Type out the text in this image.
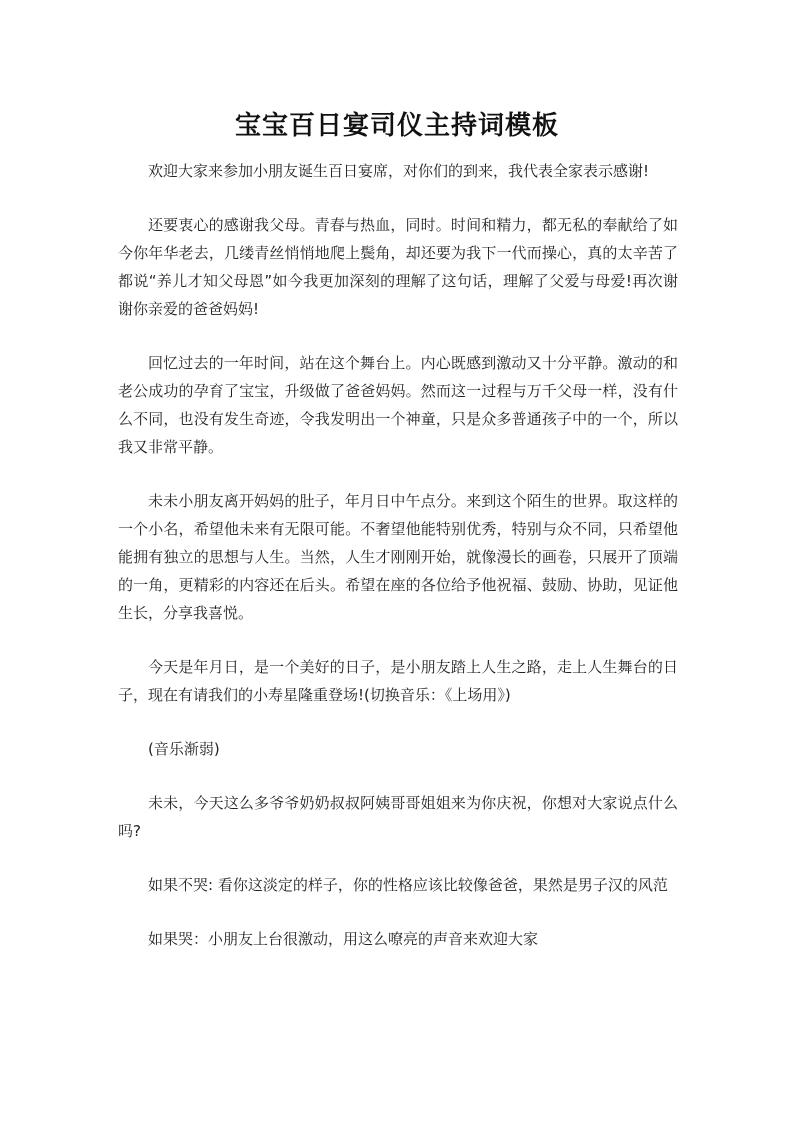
宝宝百日宴司仪主持词模板

欢迎大家来参加小朋友诞生百日宴席，对你们的到来，我代表全家表示感谢!

还要衷心的感谢我父母。青春与热血，同时。时间和精力，都无私的奉献给了如今你年华老去，几缕青丝悄悄地爬上鬓角，却还要为我下一代而操心，真的太辛苦了都说“养儿才知父母恩”如今我更加深刻的理解了这句话，理解了父爱与母爱!再次谢谢你亲爱的爸爸妈妈!

回忆过去的一年时间，站在这个舞台上。内心既感到激动又十分平静。激动的和老公成功的孕育了宝宝，升级做了爸爸妈妈。然而这一过程与万千父母一样，没有什么不同，也没有发生奇迹，令我发明出一个神童，只是众多普通孩子中的一个，所以我又非常平静。

未未小朋友离开妈妈的肚子，年月日中午点分。来到这个陌生的世界。取这样的一个小名，希望他未来有无限可能。不奢望他能特别优秀，特别与众不同，只希望他能拥有独立的思想与人生。当然，人生才刚刚开始，就像漫长的画卷，只展开了顶端的一角，更精彩的内容还在后头。希望在座的各位给予他祝福、鼓励、协助，见证他生长，分享我喜悦。

今天是年月日，是一个美好的日子，是小朋友踏上人生之路，走上人生舞台的日子，现在有请我们的小寿星隆重登场!(切换音乐：《上场用》)

(音乐渐弱)

未未，今天这么多爷爷奶奶叔叔阿姨哥哥姐姐来为你庆祝，你想对大家说点什么吗?

如果不哭: 看你这淡定的样子，你的性格应该比较像爸爸，果然是男子汉的风范

如果哭：小朋友上台很激动，用这么嘹亮的声音来欢迎大家
